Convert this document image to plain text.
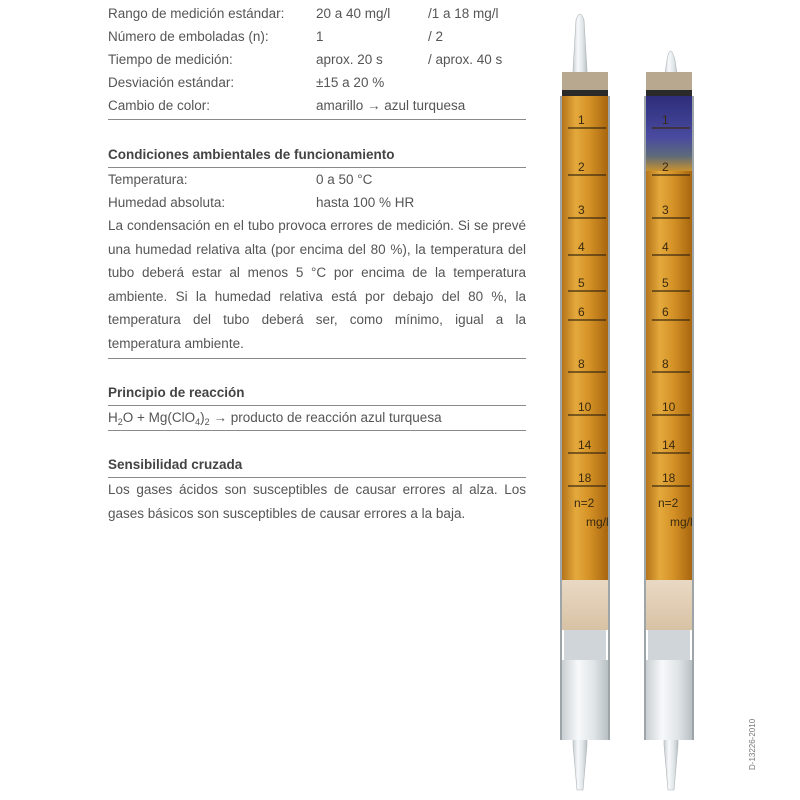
Rango de medición estándar:	20 a 40 mg/l	/1 a 18 mg/l
Número de emboladas (n):	1	/ 2
Tiempo de medición:	aprox. 20 s	/ aprox. 40 s
Desviación estándar:	±15 a 20 %
Cambio de color:	amarillo → azul turquesa
Condiciones ambientales de funcionamiento
Temperatura:	0 a 50 °C
Humedad absoluta:	hasta 100 % HR
La condensación en el tubo provoca errores de medición. Si se prevé una humedad relativa alta (por encima del 80 %), la temperatura del tubo deberá estar al menos 5 °C por encima de la temperatura ambiente. Si la humedad relativa está por debajo del 80 %, la temperatura del tubo deberá ser, como mínimo, igual a la temperatura ambiente.
Principio de reacción
$H_2O + Mg(ClO_4)_2$ → producto de reacción azul turquesa
Sensibilidad cruzada
Los gases ácidos son susceptibles de causar errores al alza. Los gases básicos son susceptibles de causar errores a la baja.
1
2
3
4
5
6
8
10
14
18
n=2
mg/l
1
2
3
4
5
6
8
10
14
18
n=2
mg/l
D-13226-2010
